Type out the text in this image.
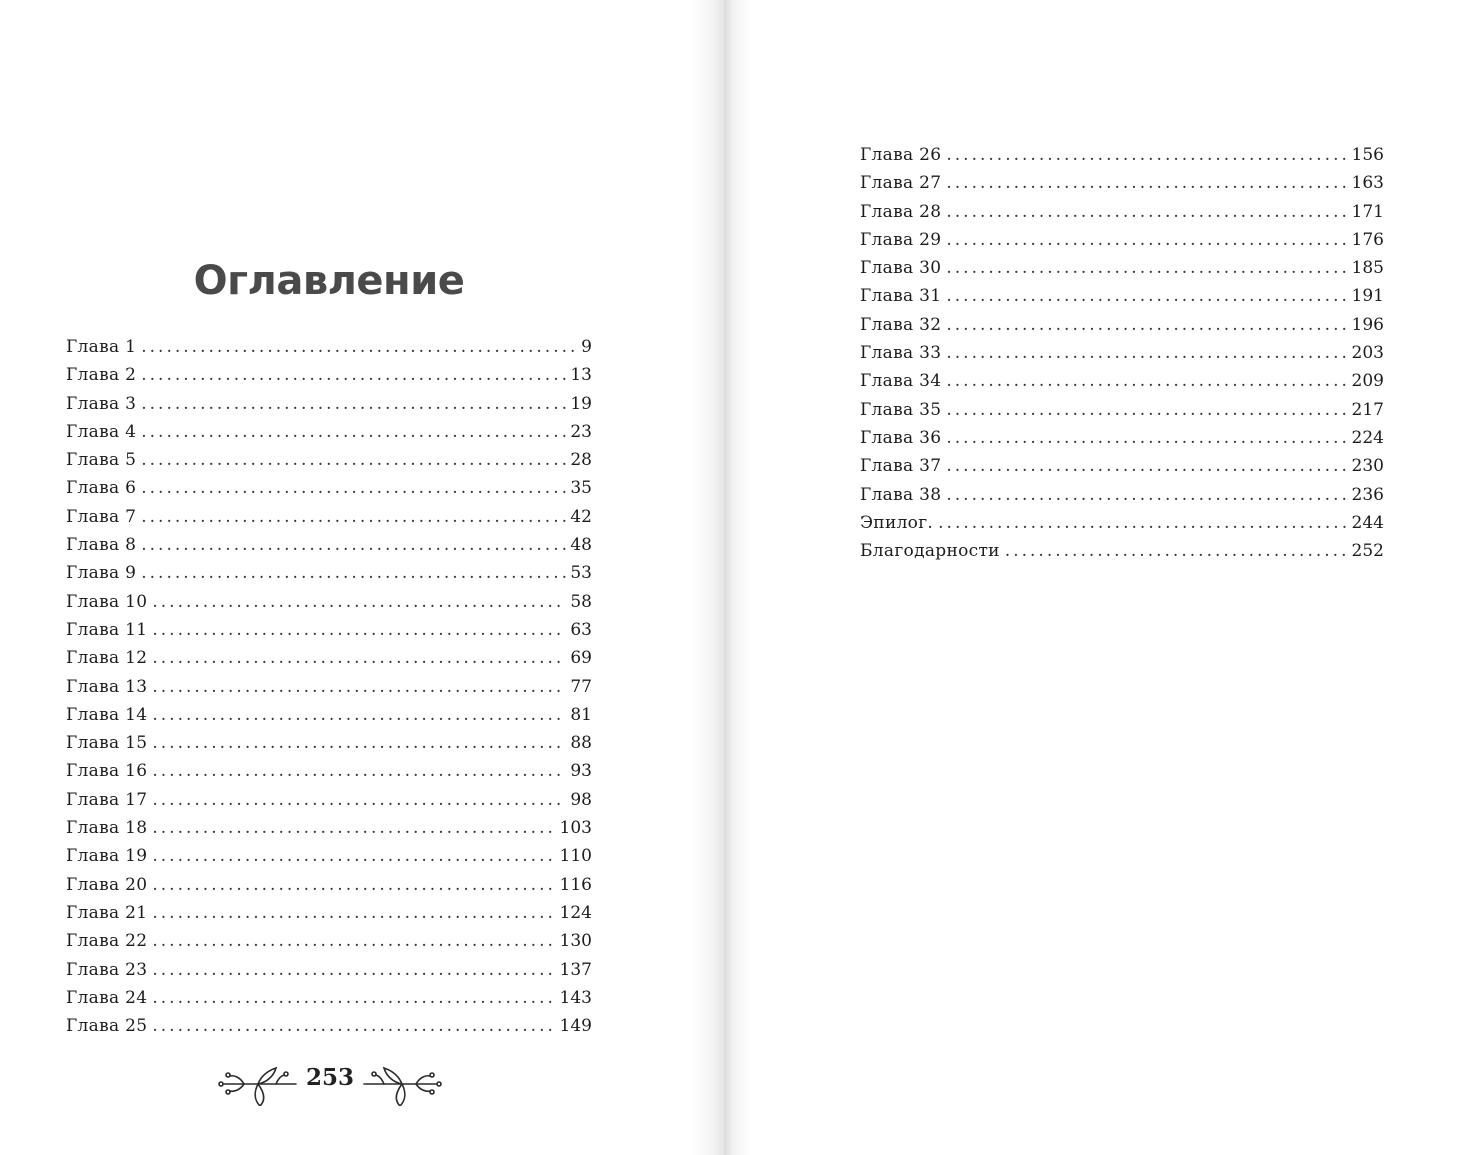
Оглавление
Глава 1 . . .	9
Глава 2 . . .	13
Глава 3 . . .	19
Глава 4 . . .	23
Глава 5 . . .	28
Глава 6 . . .	35
Глава 7 . . .	42
Глава 8 . . .	48
Глава 9 . . .	53
Глава 10 . . .	58
Глава 11 . . .	63
Глава 12 . . .	69
Глава 13 . . .	77
Глава 14 . . .	81
Глава 15 . . .	88
Глава 16 . . .	93
Глава 17 . . .	98
Глава 18 . . .	103
Глава 19 . . .	110
Глава 20 . . .	116
Глава 21 . . .	124
Глава 22 . . .	130
Глава 23 . . .	137
Глава 24 . . .	143
Глава 25 . . .	149
Глава 26 . . .	156
Глава 27 . . .	163
Глава 28 . . .	171
Глава 29 . . .	176
Глава 30 . . .	185
Глава 31 . . .	191
Глава 32 . . .	196
Глава 33 . . .	203
Глава 34 . . .	209
Глава 35 . . .	217
Глава 36 . . .	224
Глава 37 . . .	230
Глава 38 . . .	236
Эпилог. . . .	244
Благодарности . . .	252
253
